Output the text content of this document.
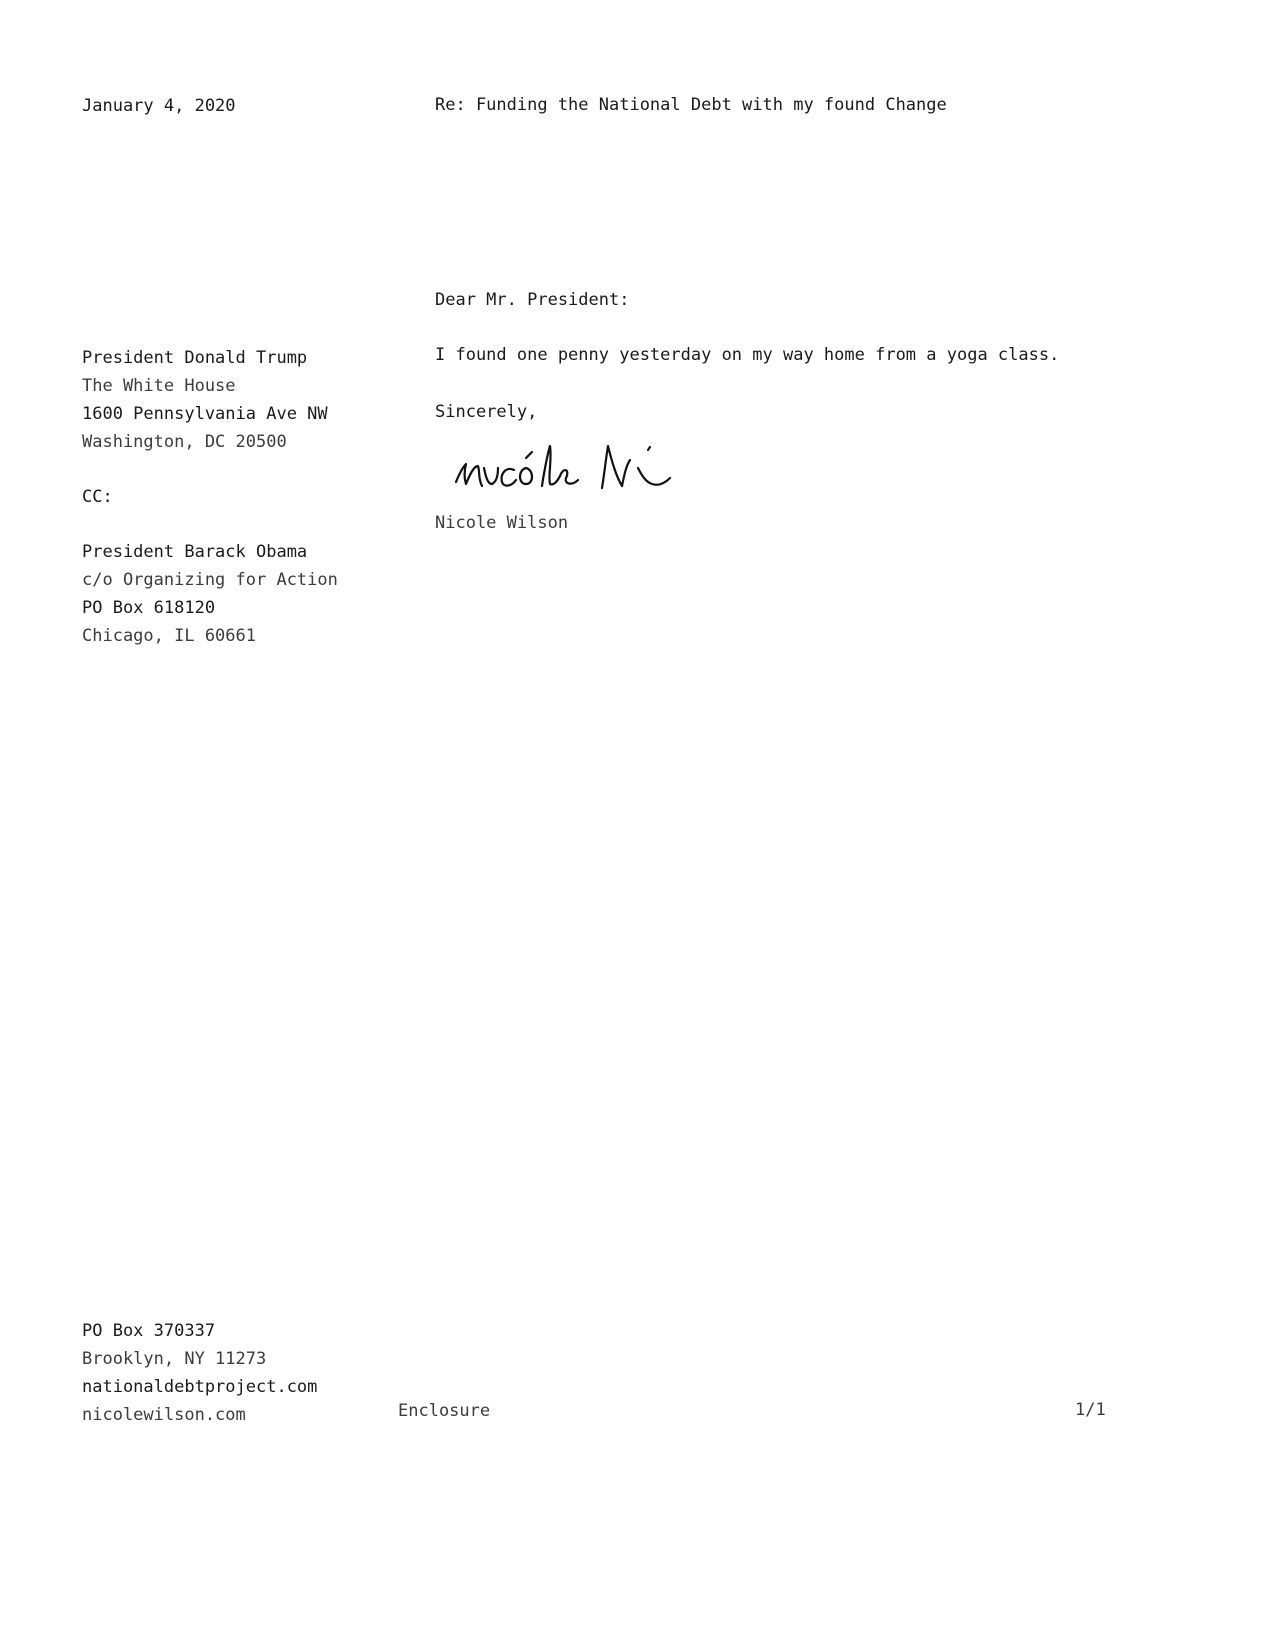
January 4, 2020	Re: Funding the National Debt with my found Change
Dear Mr. President:
President Donald Trump
The White House
1600 Pennsylvania Ave NW
Washington, DC 20500
I found one penny yesterday on my way home from a yoga class.
Sincerely,
Nicole Wilson
CC:
President Barack Obama
c/o Organizing for Action
PO Box 618120
Chicago, IL 60661
PO Box 370337
Brooklyn, NY 11273
nationaldebtproject.com
nicolewilson.com	Enclosure	1/1
